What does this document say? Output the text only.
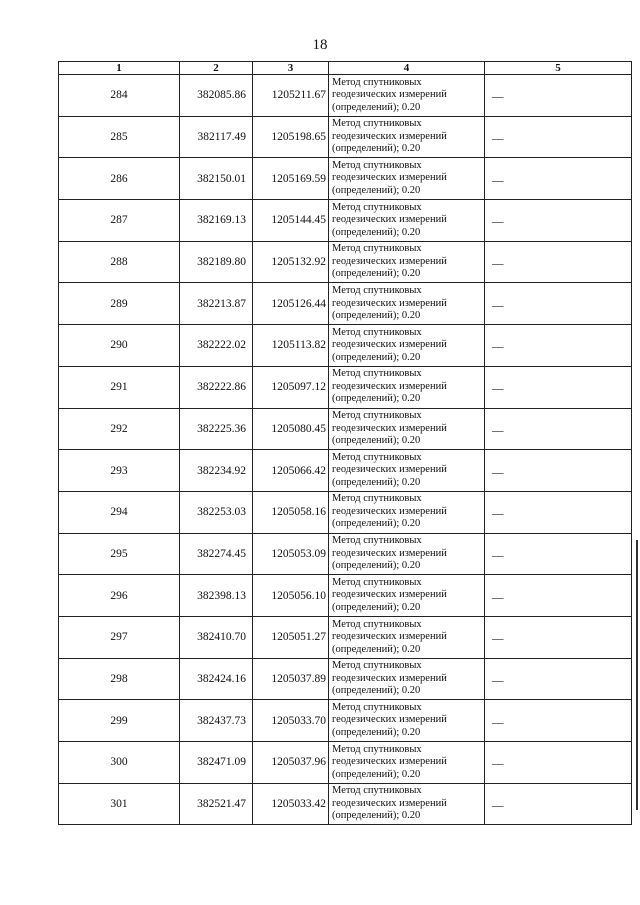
18
1	2	3	4	5
284	382085.86	1205211.67	Метод спутниковых
геодезических измерений
(определений); 0.20	—
285	382117.49	1205198.65	Метод спутниковых
геодезических измерений
(определений); 0.20	—
286	382150.01	1205169.59	Метод спутниковых
геодезических измерений
(определений); 0.20	—
287	382169.13	1205144.45	Метод спутниковых
геодезических измерений
(определений); 0.20	—
288	382189.80	1205132.92	Метод спутниковых
геодезических измерений
(определений); 0.20	—
289	382213.87	1205126.44	Метод спутниковых
геодезических измерений
(определений); 0.20	—
290	382222.02	1205113.82	Метод спутниковых
геодезических измерений
(определений); 0.20	—
291	382222.86	1205097.12	Метод спутниковых
геодезических измерений
(определений); 0.20	—
292	382225.36	1205080.45	Метод спутниковых
геодезических измерений
(определений); 0.20	—
293	382234.92	1205066.42	Метод спутниковых
геодезических измерений
(определений); 0.20	—
294	382253.03	1205058.16	Метод спутниковых
геодезических измерений
(определений); 0.20	—
295	382274.45	1205053.09	Метод спутниковых
геодезических измерений
(определений); 0.20	—
296	382398.13	1205056.10	Метод спутниковых
геодезических измерений
(определений); 0.20	—
297	382410.70	1205051.27	Метод спутниковых
геодезических измерений
(определений); 0.20	—
298	382424.16	1205037.89	Метод спутниковых
геодезических измерений
(определений); 0.20	—
299	382437.73	1205033.70	Метод спутниковых
геодезических измерений
(определений); 0.20	—
300	382471.09	1205037.96	Метод спутниковых
геодезических измерений
(определений); 0.20	—
301	382521.47	1205033.42	Метод спутниковых
геодезических измерений
(определений); 0.20	—
